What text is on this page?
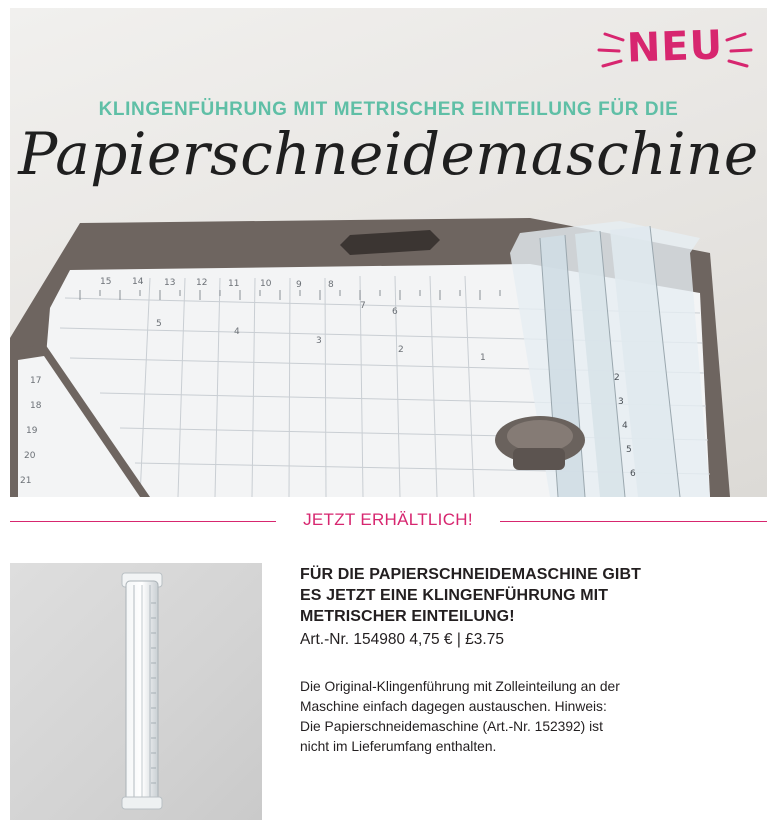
15 14 13 12 11 10	9	8
7
6
5
4
3
2
1
17
18
19
20
21
2
3
4
5
6
NEU
KLINGENFÜHRUNG MIT METRISCHER EINTEILUNG FÜR DIE
Papierschneidemaschine
JETZT ERHÄLTLICH!
FÜR DIE PAPIERSCHNEIDEMASCHINE GIBT
ES JETZT EINE KLINGENFÜHRUNG MIT
METRISCHER EINTEILUNG!
Art.-Nr. 154980 4,75 € | £3.75

Die Original-Klingenführung mit Zolleinteilung an der

Maschine einfach dagegen austauschen. Hinweis:

Die Papierschneidemaschine (Art.-Nr. 152392) ist

nicht im Lieferumfang enthalten.
